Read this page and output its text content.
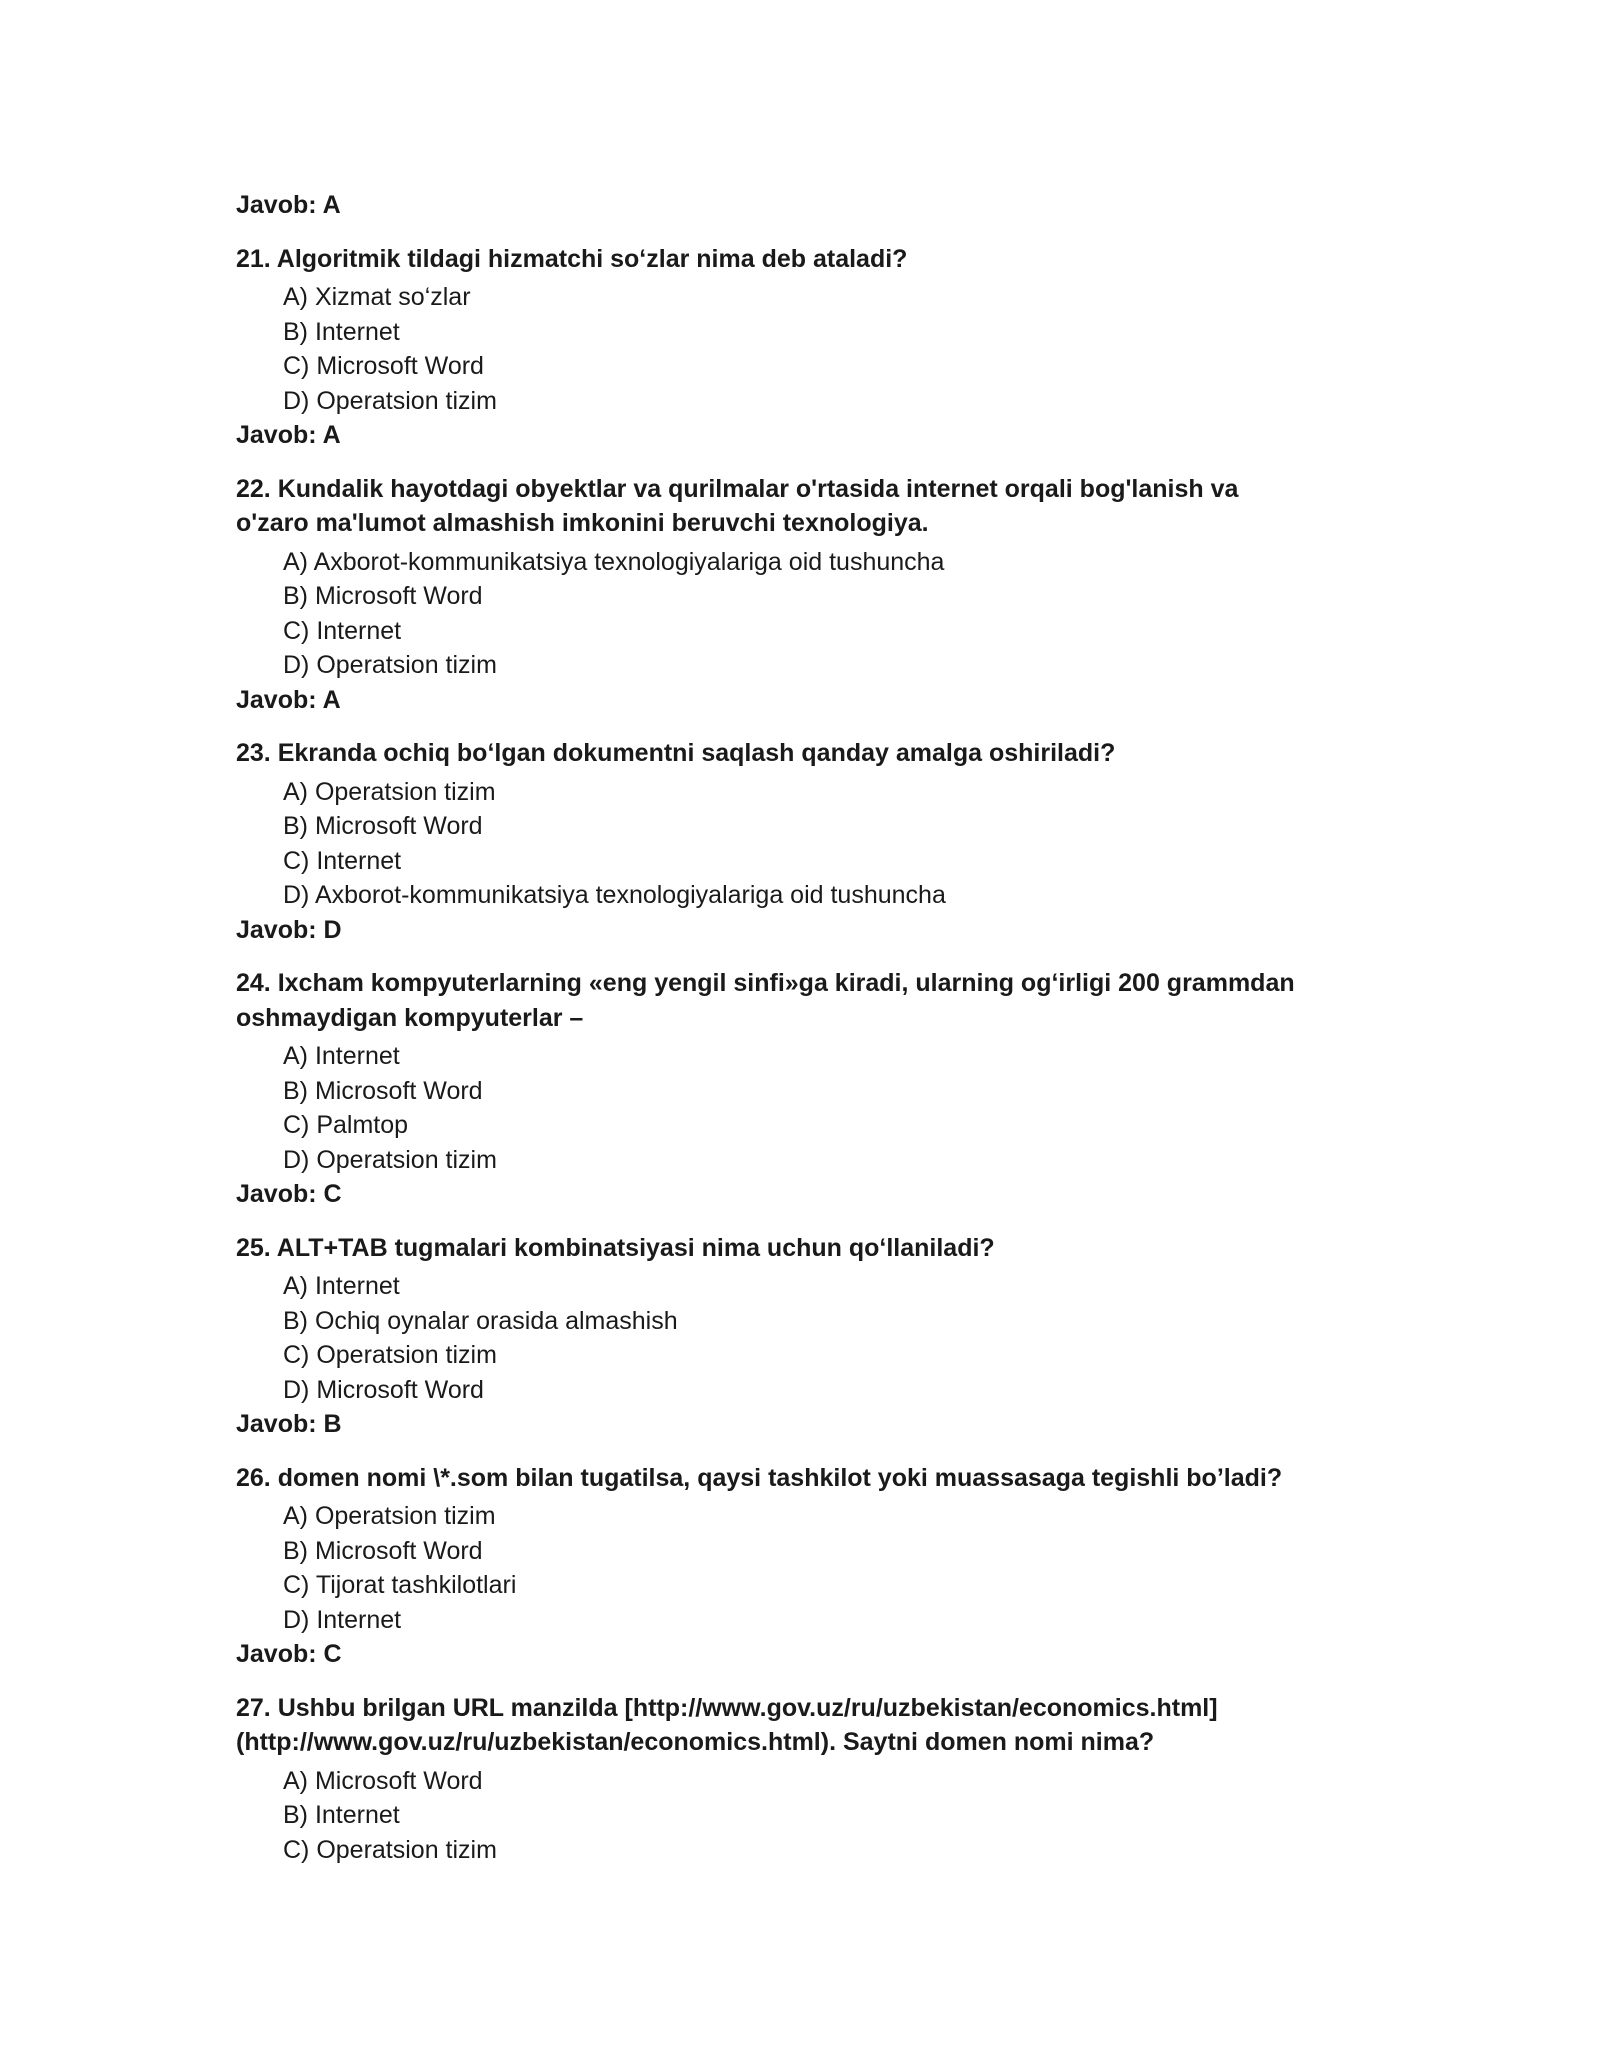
Javob: A
21. Algoritmik tildagi hizmatchi so‘zlar nima deb ataladi?
A) Xizmat so‘zlar
B) Internet
C) Microsoft Word
D) Operatsion tizim
Javob: A
22. Kundalik hayotdagi obyektlar va qurilmalar o'rtasida internet orqali bog'lanish va
o'zaro ma'lumot almashish imkonini beruvchi texnologiya.
A) Axborot-kommunikatsiya texnologiyalariga oid tushuncha
B) Microsoft Word
C) Internet
D) Operatsion tizim
Javob: A
23. Ekranda ochiq bo‘lgan dokumentni saqlash qanday amalga oshiriladi?
A) Operatsion tizim
B) Microsoft Word
C) Internet
D) Axborot-kommunikatsiya texnologiyalariga oid tushuncha
Javob: D
24. Ixcham kompyuterlarning «eng yengil sinfi»ga kiradi, ularning og‘irligi 200 grammdan
oshmaydigan kompyuterlar –
A) Internet
B) Microsoft Word
C) Palmtop
D) Operatsion tizim
Javob: C
25. ALT+TAB tugmalari kombinatsiyasi nima uchun qo‘llaniladi?
A) Internet
B) Ochiq oynalar orasida almashish
C) Operatsion tizim
D) Microsoft Word
Javob: B
26. domen nomi \*.som bilan tugatilsa, qaysi tashkilot yoki muassasaga tegishli bo’ladi?
A) Operatsion tizim
B) Microsoft Word
C) Tijorat tashkilotlari
D) Internet
Javob: C
27. Ushbu brilgan URL manzilda [http://www.gov.uz/ru/uzbekistan/economics.html]
(http://www.gov.uz/ru/uzbekistan/economics.html). Saytni domen nomi nima?
A) Microsoft Word
B) Internet
C) Operatsion tizim
